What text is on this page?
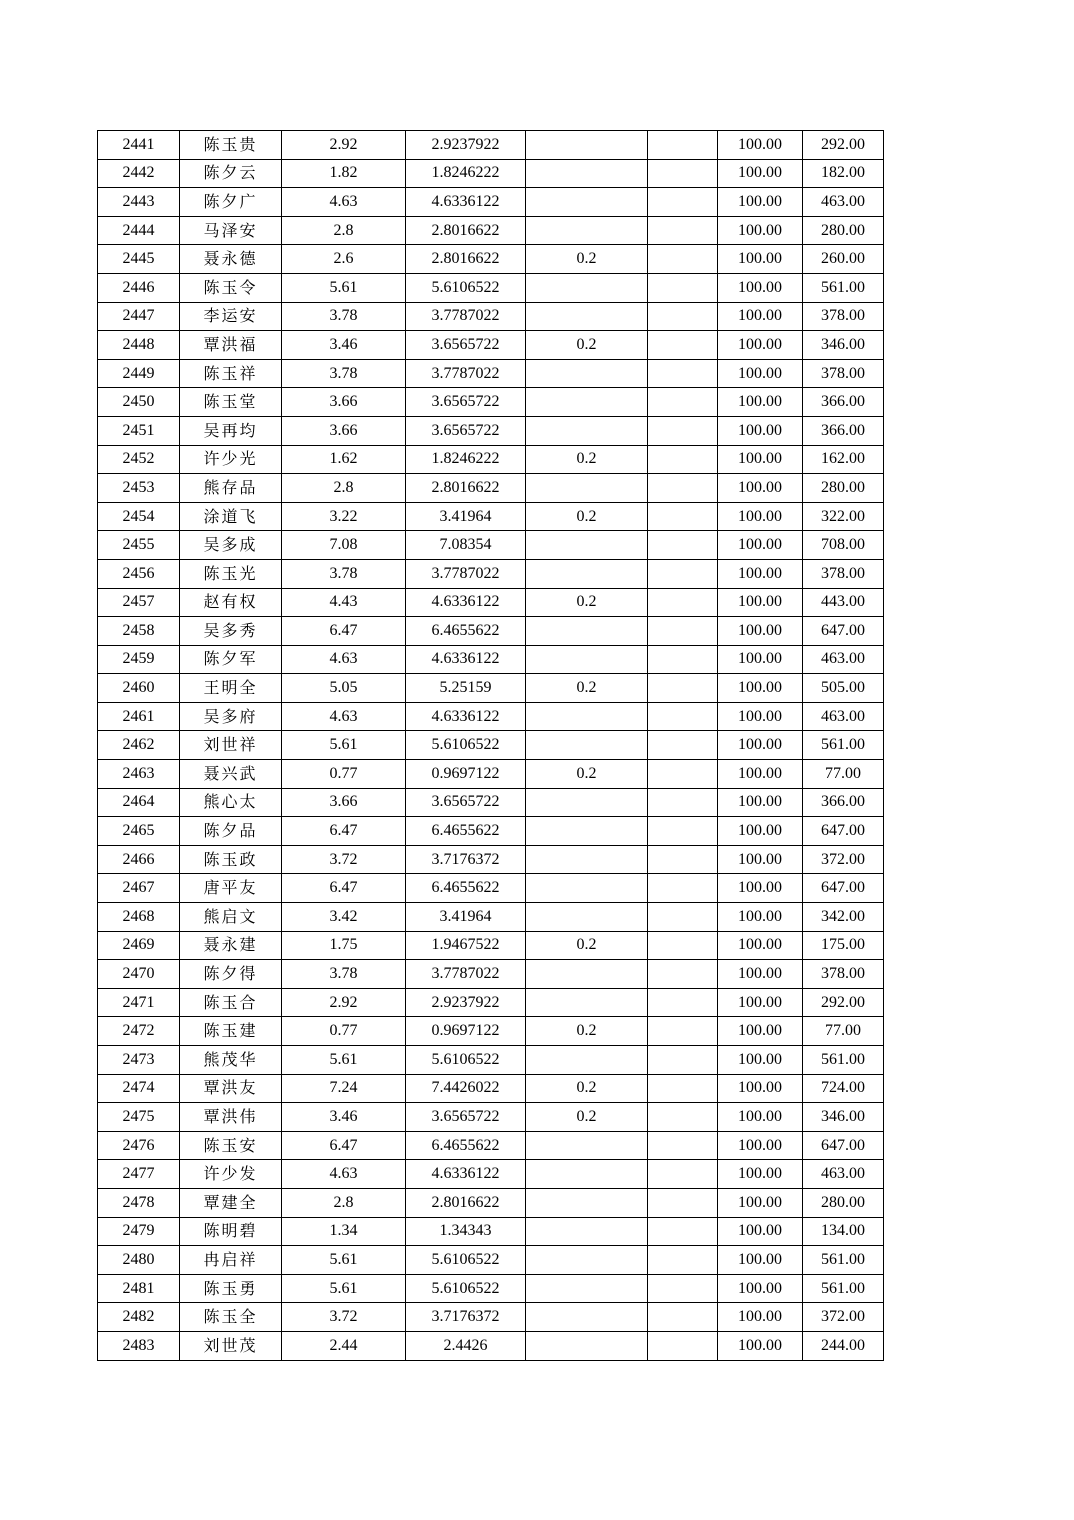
2441	陈玉贵	2.92	2.9237922			100.00	292.00
2442	陈夕云	1.82	1.8246222			100.00	182.00
2443	陈夕广	4.63	4.6336122			100.00	463.00
2444	马泽安	2.8	2.8016622			100.00	280.00
2445	聂永德	2.6	2.8016622	0.2		100.00	260.00
2446	陈玉令	5.61	5.6106522			100.00	561.00
2447	李运安	3.78	3.7787022			100.00	378.00
2448	覃洪福	3.46	3.6565722	0.2		100.00	346.00
2449	陈玉祥	3.78	3.7787022			100.00	378.00
2450	陈玉堂	3.66	3.6565722			100.00	366.00
2451	吴再均	3.66	3.6565722			100.00	366.00
2452	许少光	1.62	1.8246222	0.2		100.00	162.00
2453	熊存品	2.8	2.8016622			100.00	280.00
2454	涂道飞	3.22	3.41964	0.2		100.00	322.00
2455	吴多成	7.08	7.08354			100.00	708.00
2456	陈玉光	3.78	3.7787022			100.00	378.00
2457	赵有权	4.43	4.6336122	0.2		100.00	443.00
2458	吴多秀	6.47	6.4655622			100.00	647.00
2459	陈夕军	4.63	4.6336122			100.00	463.00
2460	王明全	5.05	5.25159	0.2		100.00	505.00
2461	吴多府	4.63	4.6336122			100.00	463.00
2462	刘世祥	5.61	5.6106522			100.00	561.00
2463	聂兴武	0.77	0.9697122	0.2		100.00	77.00
2464	熊心太	3.66	3.6565722			100.00	366.00
2465	陈夕品	6.47	6.4655622			100.00	647.00
2466	陈玉政	3.72	3.7176372			100.00	372.00
2467	唐平友	6.47	6.4655622			100.00	647.00
2468	熊启文	3.42	3.41964			100.00	342.00
2469	聂永建	1.75	1.9467522	0.2		100.00	175.00
2470	陈夕得	3.78	3.7787022			100.00	378.00
2471	陈玉合	2.92	2.9237922			100.00	292.00
2472	陈玉建	0.77	0.9697122	0.2		100.00	77.00
2473	熊茂华	5.61	5.6106522			100.00	561.00
2474	覃洪友	7.24	7.4426022	0.2		100.00	724.00
2475	覃洪伟	3.46	3.6565722	0.2		100.00	346.00
2476	陈玉安	6.47	6.4655622			100.00	647.00
2477	许少发	4.63	4.6336122			100.00	463.00
2478	覃建全	2.8	2.8016622			100.00	280.00
2479	陈明碧	1.34	1.34343			100.00	134.00
2480	冉启祥	5.61	5.6106522			100.00	561.00
2481	陈玉勇	5.61	5.6106522			100.00	561.00
2482	陈玉全	3.72	3.7176372			100.00	372.00
2483	刘世茂	2.44	2.4426			100.00	244.00
